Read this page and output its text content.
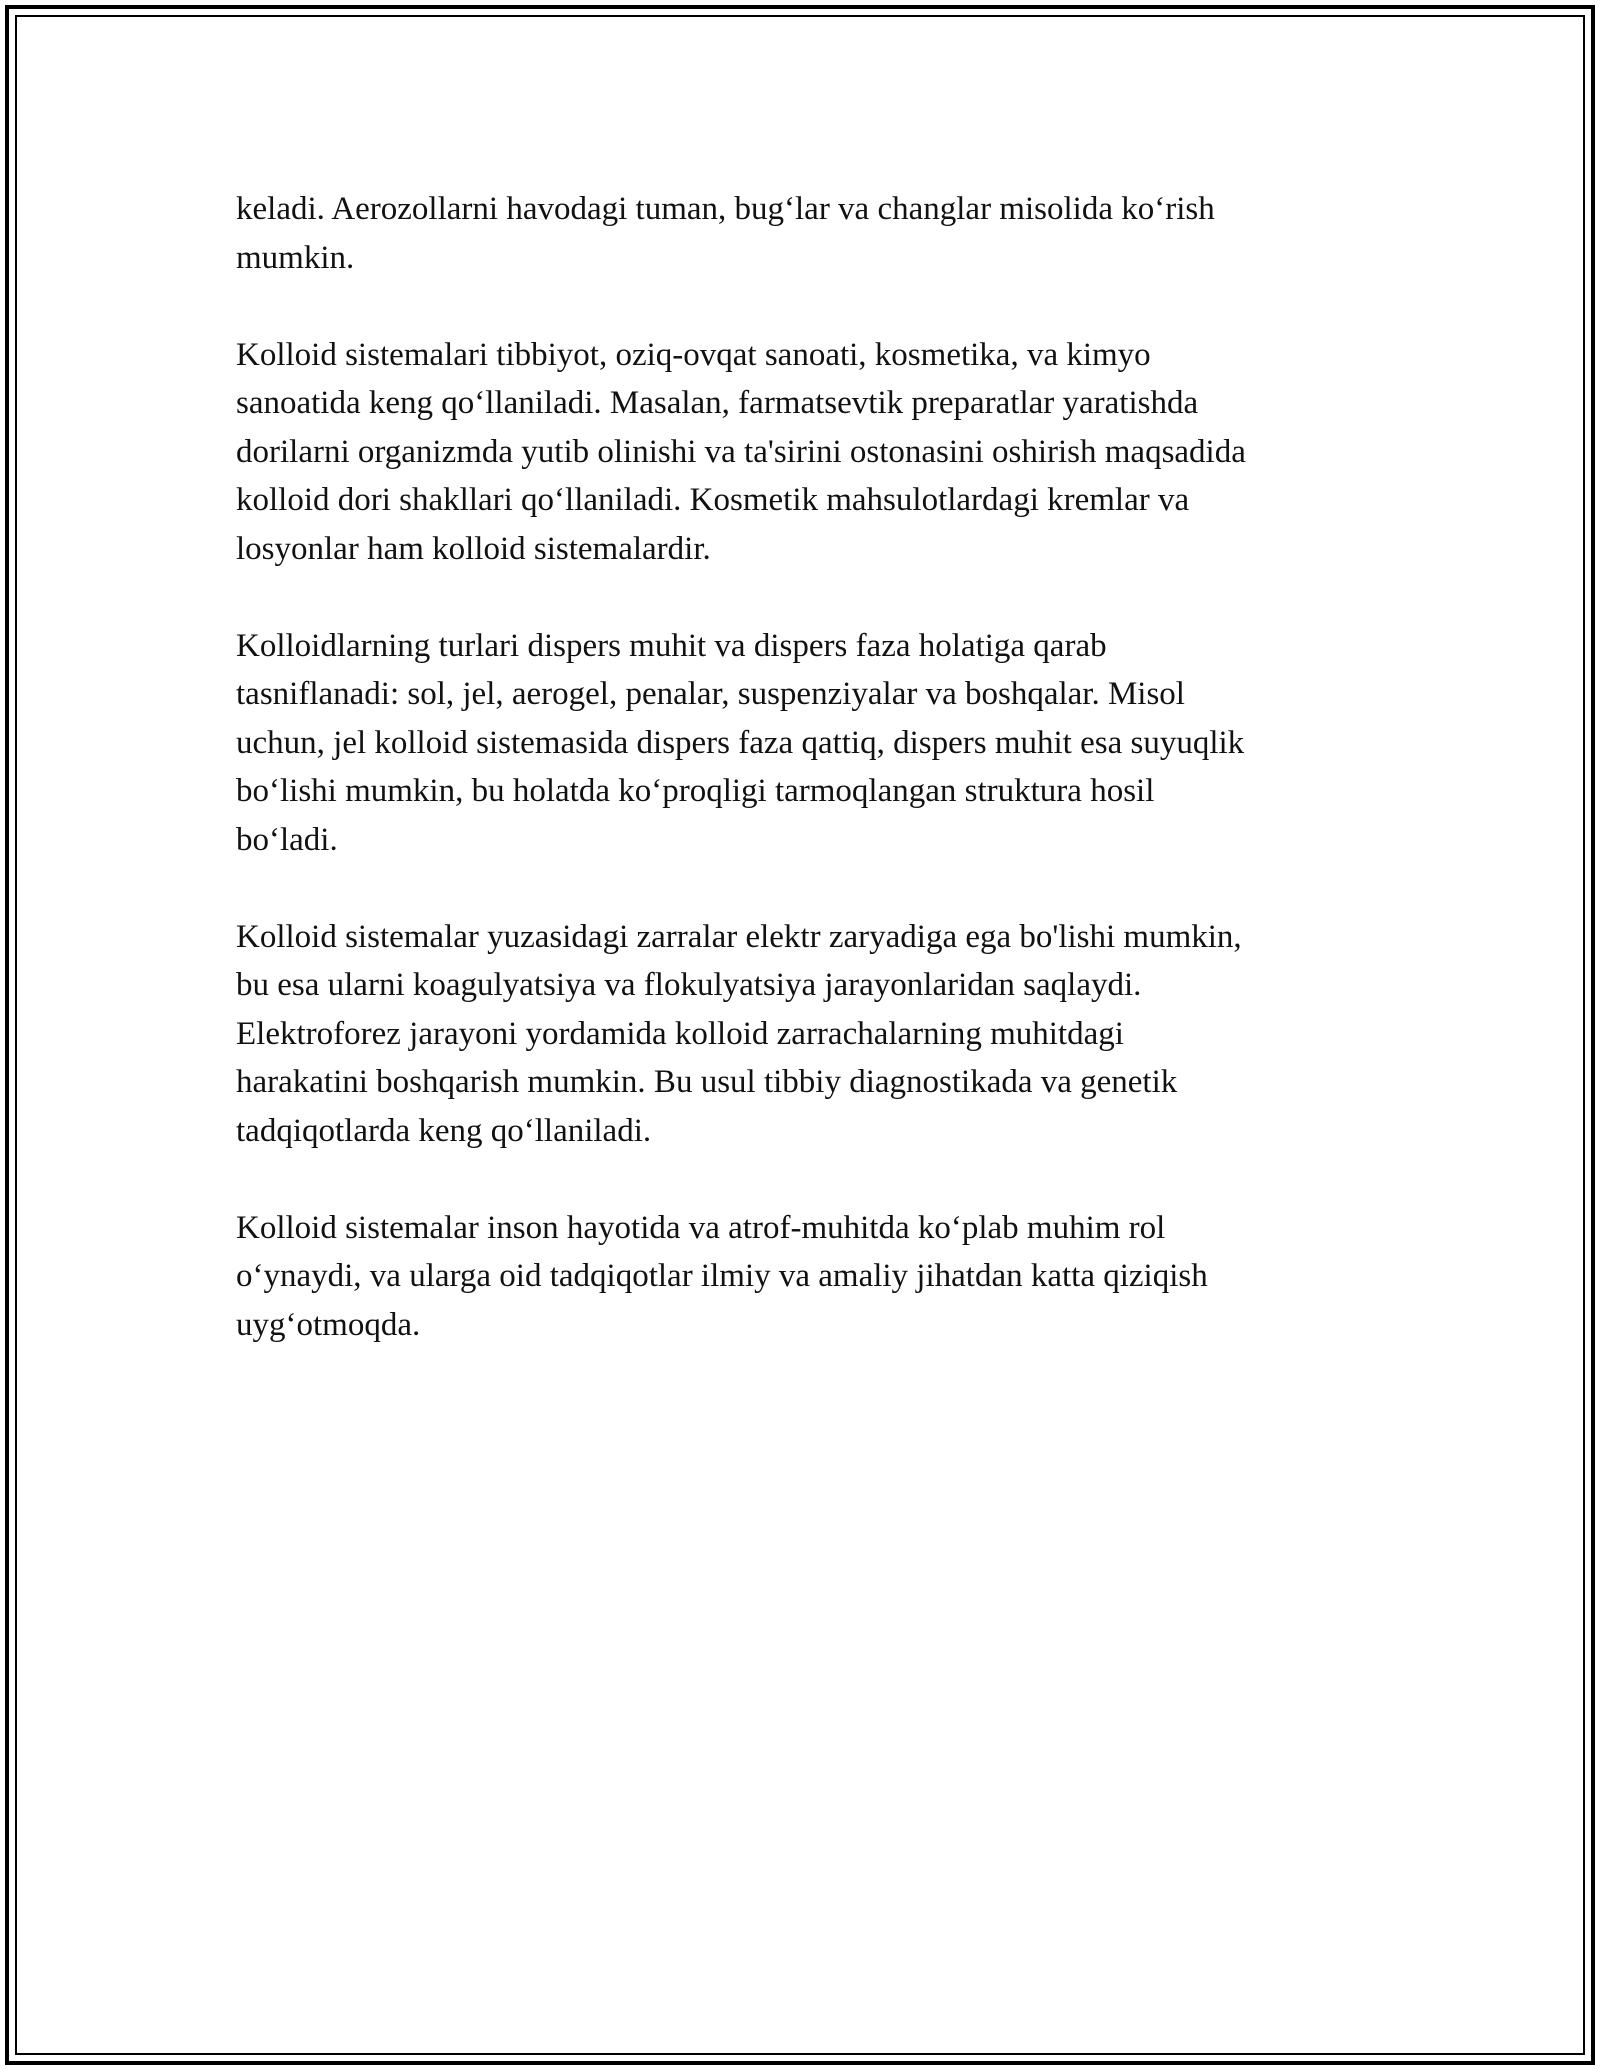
keladi. Aerozollarni havodagi tuman, bug‘lar va changlar misolida ko‘rish
mumkin.

Kolloid sistemalari tibbiyot, oziq-ovqat sanoati, kosmetika, va kimyo
sanoatida keng qo‘llaniladi. Masalan, farmatsevtik preparatlar yaratishda
dorilarni organizmda yutib olinishi va ta'sirini ostonasini oshirish maqsadida
kolloid dori shakllari qo‘llaniladi. Kosmetik mahsulotlardagi kremlar va
losyonlar ham kolloid sistemalardir.

Kolloidlarning turlari dispers muhit va dispers faza holatiga qarab
tasniflanadi: sol, jel, aerogel, penalar, suspenziyalar va boshqalar. Misol
uchun, jel kolloid sistemasida dispers faza qattiq, dispers muhit esa suyuqlik
bo‘lishi mumkin, bu holatda ko‘proqligi tarmoqlangan struktura hosil
bo‘ladi.

Kolloid sistemalar yuzasidagi zarralar elektr zaryadiga ega bo'lishi mumkin,
bu esa ularni koagulyatsiya va flokulyatsiya jarayonlaridan saqlaydi.
Elektroforez jarayoni yordamida kolloid zarrachalarning muhitdagi
harakatini boshqarish mumkin. Bu usul tibbiy diagnostikada va genetik
tadqiqotlarda keng qo‘llaniladi.

Kolloid sistemalar inson hayotida va atrof-muhitda ko‘plab muhim rol
o‘ynaydi, va ularga oid tadqiqotlar ilmiy va amaliy jihatdan katta qiziqish
uyg‘otmoqda.
